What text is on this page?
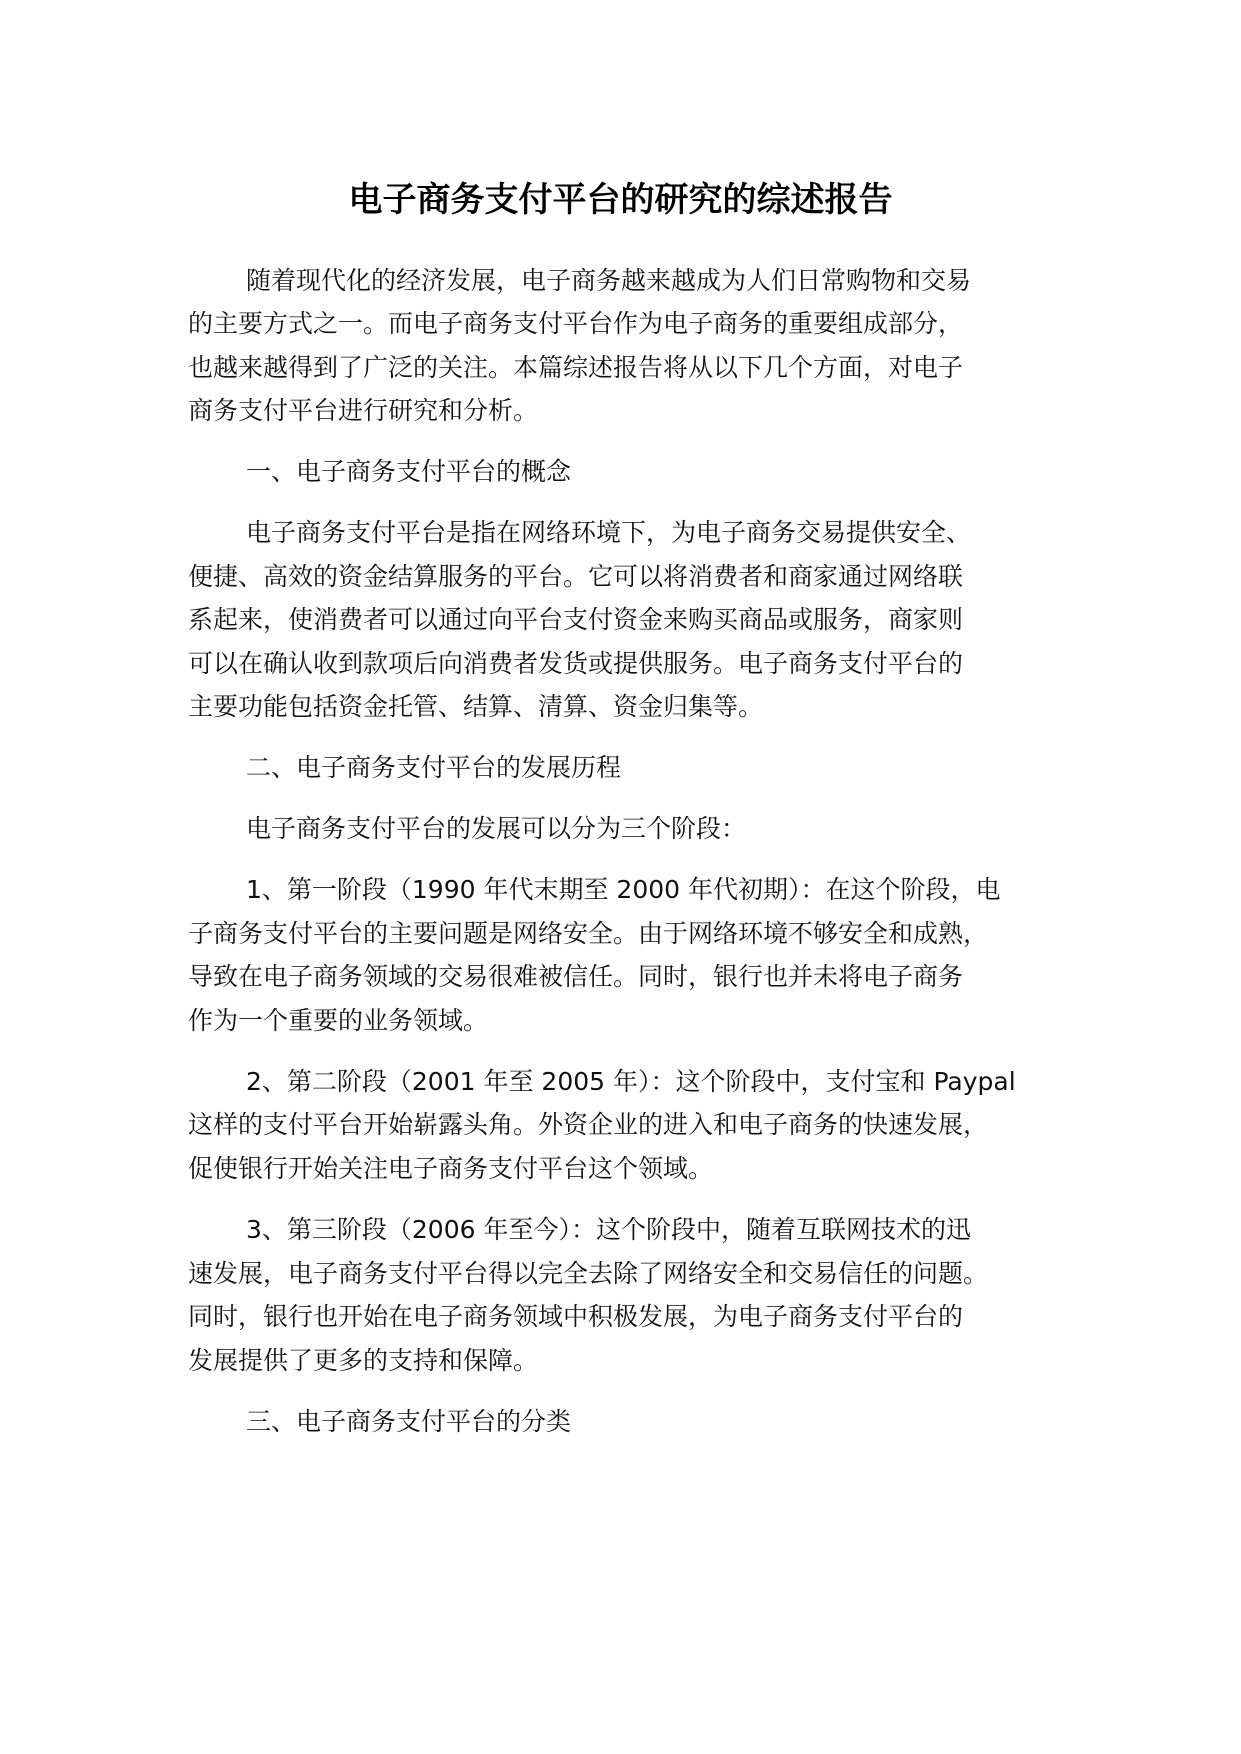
电子商务支付平台的研究的综述报告
随着现代化的经济发展，电子商务越来越成为人们日常购物和交易
的主要方式之一。而电子商务支付平台作为电子商务的重要组成部分，
也越来越得到了广泛的关注。本篇综述报告将从以下几个方面，对电子
商务支付平台进行研究和分析。
一、电子商务支付平台的概念
电子商务支付平台是指在网络环境下，为电子商务交易提供安全、
便捷、高效的资金结算服务的平台。它可以将消费者和商家通过网络联
系起来，使消费者可以通过向平台支付资金来购买商品或服务，商家则
可以在确认收到款项后向消费者发货或提供服务。电子商务支付平台的
主要功能包括资金托管、结算、清算、资金归集等。
二、电子商务支付平台的发展历程
电子商务支付平台的发展可以分为三个阶段：
1、第一阶段（1990 年代末期至 2000 年代初期）：在这个阶段，电
子商务支付平台的主要问题是网络安全。由于网络环境不够安全和成熟，
导致在电子商务领域的交易很难被信任。同时，银行也并未将电子商务
作为一个重要的业务领域。
2、第二阶段（2001 年至 2005 年）：这个阶段中，支付宝和 Paypal
这样的支付平台开始崭露头角。外资企业的进入和电子商务的快速发展，
促使银行开始关注电子商务支付平台这个领域。
3、第三阶段（2006 年至今）：这个阶段中，随着互联网技术的迅
速发展，电子商务支付平台得以完全去除了网络安全和交易信任的问题。
同时，银行也开始在电子商务领域中积极发展，为电子商务支付平台的
发展提供了更多的支持和保障。
三、电子商务支付平台的分类
